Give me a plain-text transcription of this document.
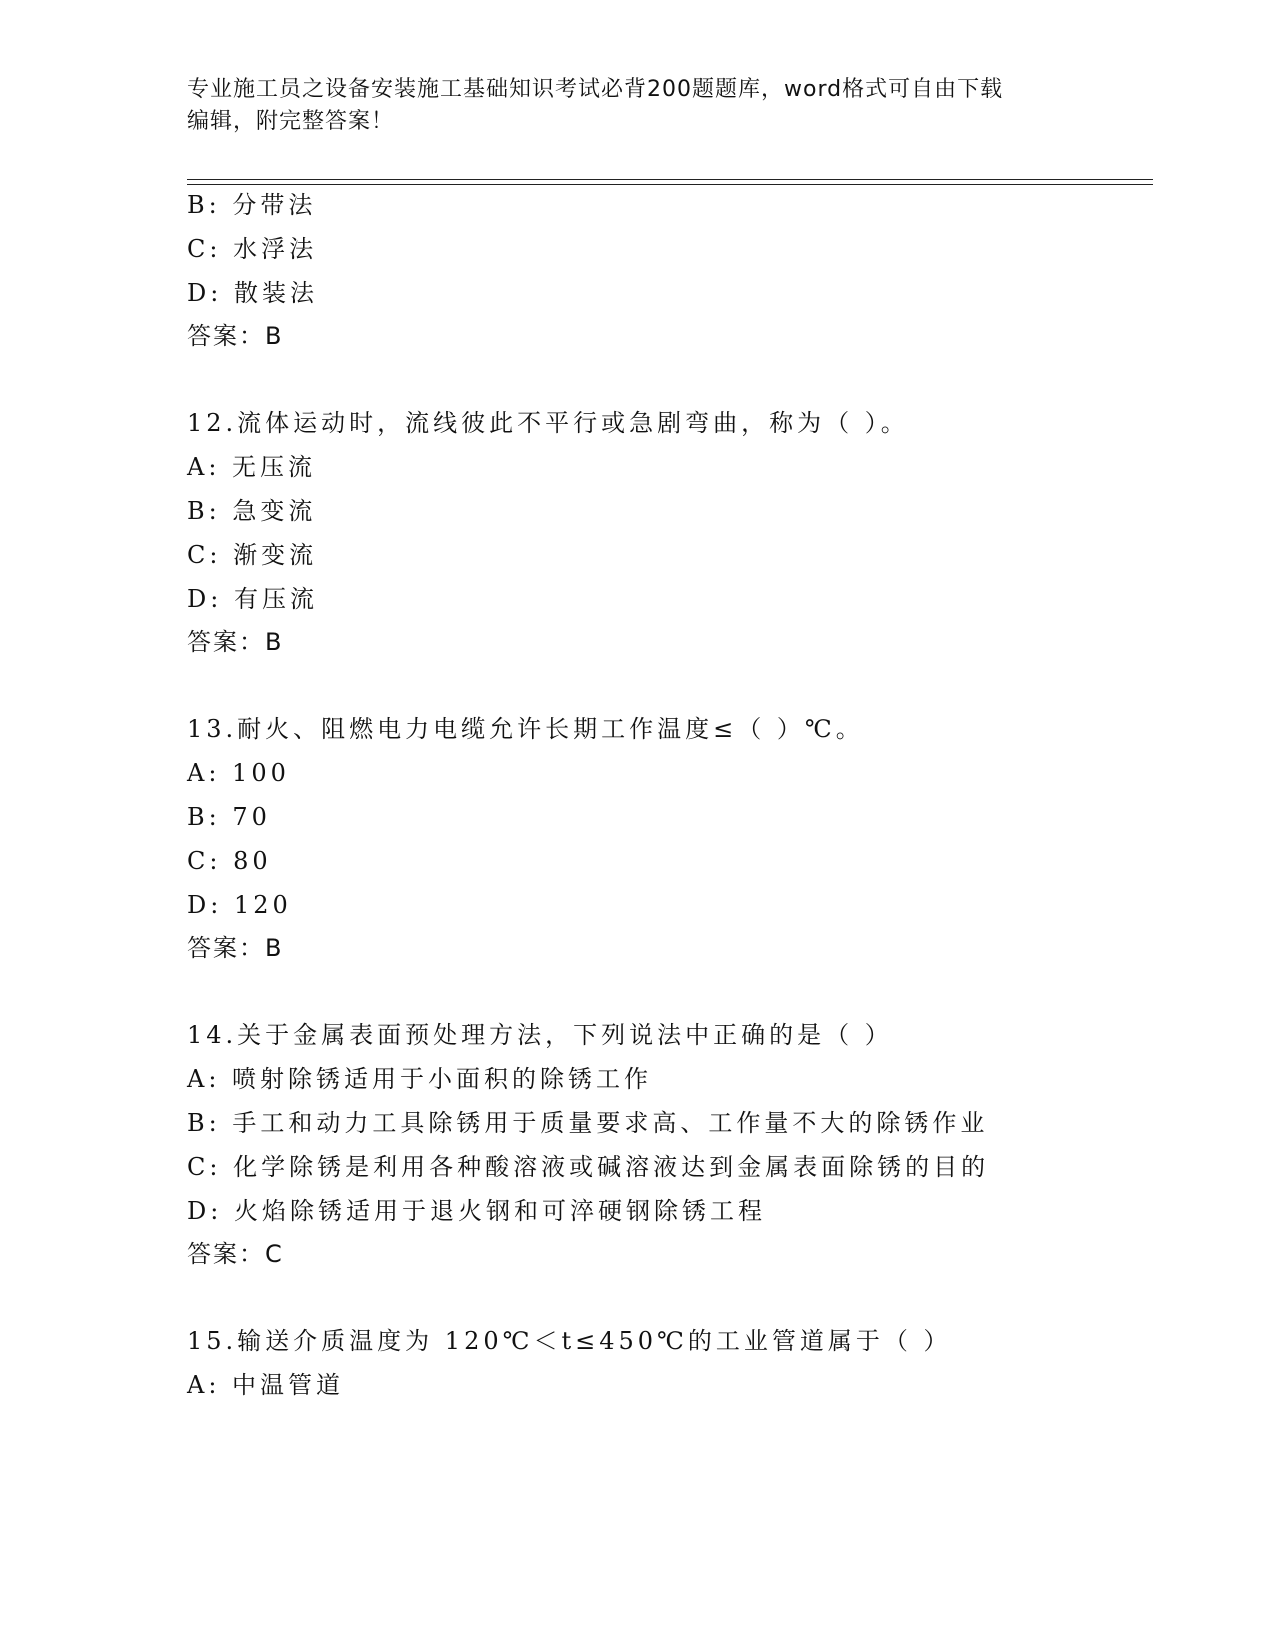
专业施工员之设备安装施工基础知识考试必背200题题库，word格式可自由下载
编辑，附完整答案！
B: 分带法
C: 水浮法
D: 散装法
答案：B
12.流体运动时，流线彼此不平行或急剧弯曲，称为（ ）。
A: 无压流
B: 急变流
C: 渐变流
D: 有压流
答案：B
13.耐火、阻燃电力电缆允许长期工作温度≤（ ）℃。
A: 100
B: 70
C: 80
D: 120
答案：B
14.关于金属表面预处理方法，下列说法中正确的是（ ）
A: 喷射除锈适用于小面积的除锈工作
B: 手工和动力工具除锈用于质量要求高、工作量不大的除锈作业
C: 化学除锈是利用各种酸溶液或碱溶液达到金属表面除锈的目的
D: 火焰除锈适用于退火钢和可淬硬钢除锈工程
答案：C
15.输送介质温度为 120℃＜t≤450℃的工业管道属于（ ）
A: 中温管道
